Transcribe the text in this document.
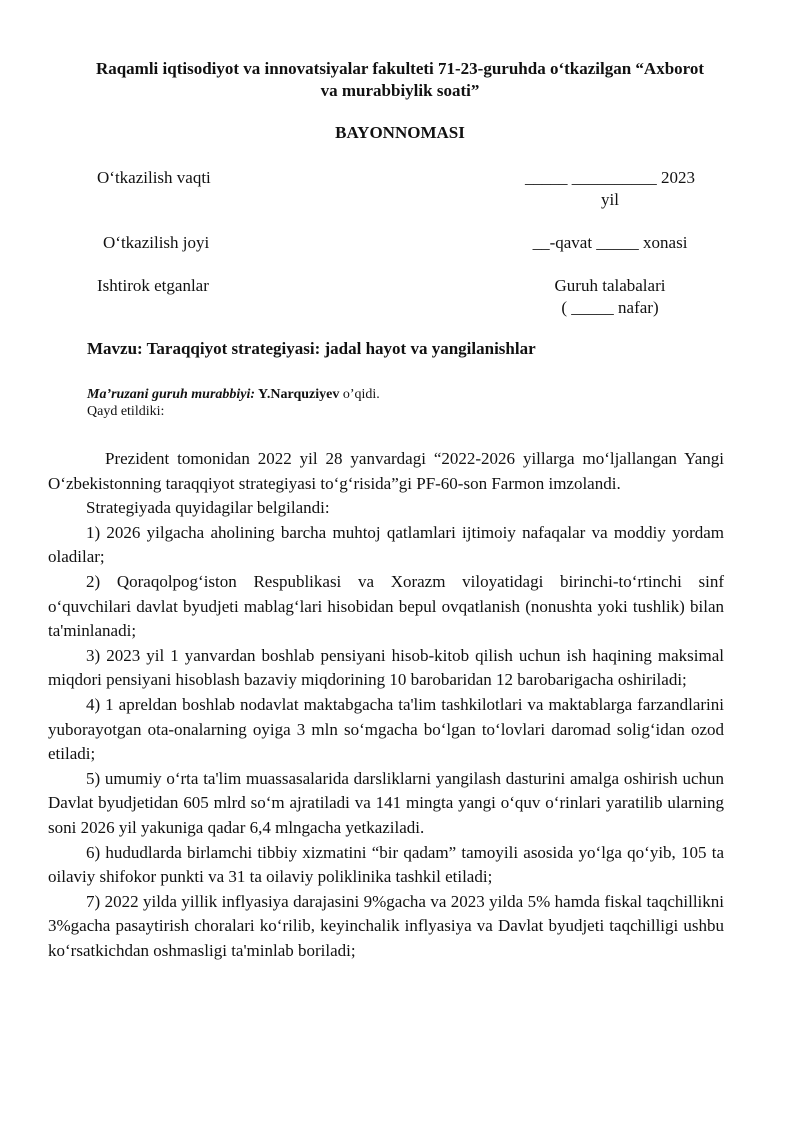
Raqamli iqtisodiyot va innovatsiyalar fakulteti 71-23-guruhda o‘tkazilgan “Axborot
va murabbiylik soati”
BAYONNOMASI
O‘tkazilish vaqti	_____ __________ 2023
yil
O‘tkazilish joyi	__-qavat _____ xonasi
Ishtirok etganlar	Guruh talabalari
( _____ nafar)
Mavzu: Taraqqiyot strategiyasi: jadal hayot va yangilanishlar
Ma’ruzani guruh murabbiyi: Y.Narquziyev o’qidi.
Qayd etildiki:

Prezident tomonidan 2022 yil 28 yanvardagi “2022-2026 yillarga mo‘ljallangan Yangi O‘zbekistonning taraqqiyot strategiyasi to‘g‘risida”gi PF-60-son Farmon imzolandi.

Strategiyada quyidagilar belgilandi:

1) 2026 yilgacha aholining barcha muhtoj qatlamlari ijtimoiy nafaqalar va moddiy yordam oladilar;

2) Qoraqolpog‘iston Respublikasi va Xorazm viloyatidagi birinchi-to‘rtinchi sinf o‘quvchilari davlat byudjeti mablag‘lari hisobidan bepul ovqatlanish (nonushta yoki tushlik) bilan ta'minlanadi;

3) 2023 yil 1 yanvardan boshlab pensiyani hisob-kitob qilish uchun ish haqining maksimal miqdori pensiyani hisoblash bazaviy miqdorining 10 barobaridan 12 barobarigacha oshiriladi;

4) 1 apreldan boshlab nodavlat maktabgacha ta'lim tashkilotlari va maktablarga farzandlarini yuborayotgan ota-onalarning oyiga 3 mln so‘mgacha bo‘lgan to‘lovlari daromad solig‘idan ozod etiladi;

5) umumiy o‘rta ta'lim muassasalarida darsliklarni yangilash dasturini amalga oshirish uchun Davlat byudjetidan 605 mlrd so‘m ajratiladi va 141 mingta yangi o‘quv o‘rinlari yaratilib ularning soni 2026 yil yakuniga qadar 6,4 mlngacha yetkaziladi.

6) hududlarda birlamchi tibbiy xizmatini “bir qadam” tamoyili asosida yo‘lga qo‘yib, 105 ta oilaviy shifokor punkti va 31 ta oilaviy poliklinika tashkil etiladi;

7) 2022 yilda yillik inflyasiya darajasini 9%gacha va 2023 yilda 5% hamda fiskal taqchillikni 3%gacha pasaytirish choralari ko‘rilib, keyinchalik inflyasiya va Davlat byudjeti taqchilligi ushbu ko‘rsatkichdan oshmasligi ta'minlab boriladi;
